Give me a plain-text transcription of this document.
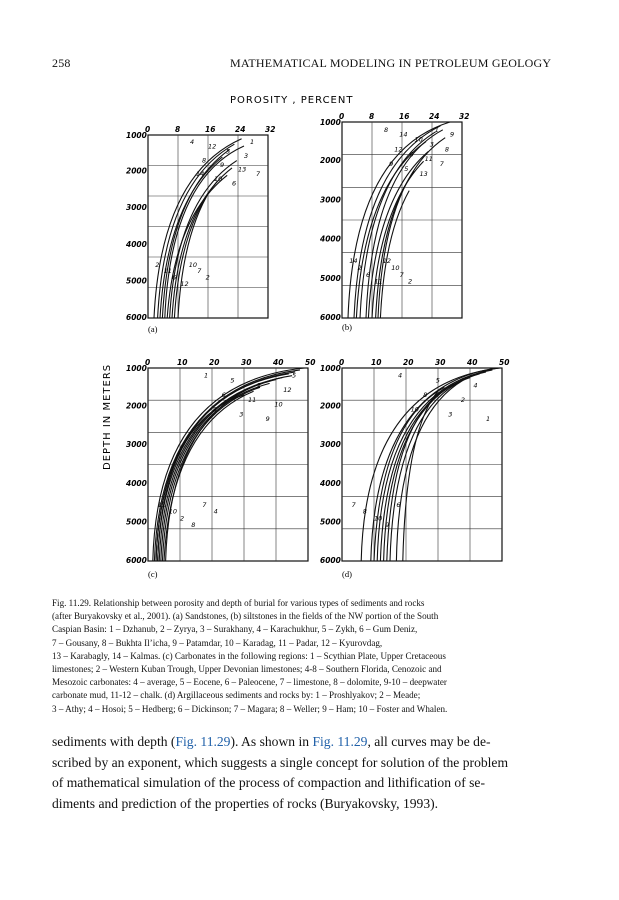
258	MATHEMATICAL MODELING IN PETROLEUM GEOLOGY
POROSITY , PERCENT
DEPTH IN METERS
0	8	16	24	32
1000
2000
3000
4000
5000
6000
4
14
8
12
10
9
5
6
13
3
1
7
2
11
6
12
10
7
2
(a)
0	8	16	24	32
1000
2000
3000
4000
5000
6000
8
9
12
14
5
6
10
13
11
3
1
7
8
9
14
2
6
11
12
10
7
2
(b)
0	10	20	30	40	50
1000
2000
3000
4000
5000
6000
1
8
6
5
3
11
2
9
10
12
5
11
10
2
8
7
4
(c)
0	10	20	30	40	50
1000
2000
3000
4000
5000
6000
4
10
8
5
3
2
4
1
7
8
10
9
6
(d)

Fig. 11.29. Relationship between porosity and depth of burial for various types of sediments and rocks

(after Buryakovsky et al., 2001). (a) Sandstones, (b) siltstones in the fields of the NW portion of the South

Caspian Basin: 1 – Dzhanub, 2 – Zyrya, 3 – Surakhany, 4 – Karachukhur, 5 – Zykh, 6 – Gum Deniz,

7 – Gousany, 8 – Bukhta Il’icha, 9 – Patamdar, 10 – Karadag, 11 – Padar, 12 – Kyurovdag,

13 – Karabagly, 14 – Kalmas. (c) Carbonates in the following regions: 1 – Scythian Plate, Upper Cretaceous

limestones; 2 – Western Kuban Trough, Upper Devonian limestones; 4-8 – Southern Florida, Cenozoic and

Mesozoic carbonates: 4 – average, 5 – Eocene, 6 – Paleocene, 7 – limestone, 8 – dolomite, 9-10 – deepwater

carbonate mud, 11-12 – chalk. (d) Argillaceous sediments and rocks by: 1 – Proshlyakov; 2 – Meade;

3 – Athy; 4 – Hosoi; 5 – Hedberg; 6 – Dickinson; 7 – Magara; 8 – Weller; 9 – Ham; 10 – Foster and Whalen.

sediments with depth (Fig. 11.29). As shown in Fig. 11.29, all curves may be de-

scribed by an exponent, which suggests a single concept for solution of the problem

of mathematical simulation of the process of compaction and lithification of se-

diments and prediction of the properties of rocks (Buryakovsky, 1993).
